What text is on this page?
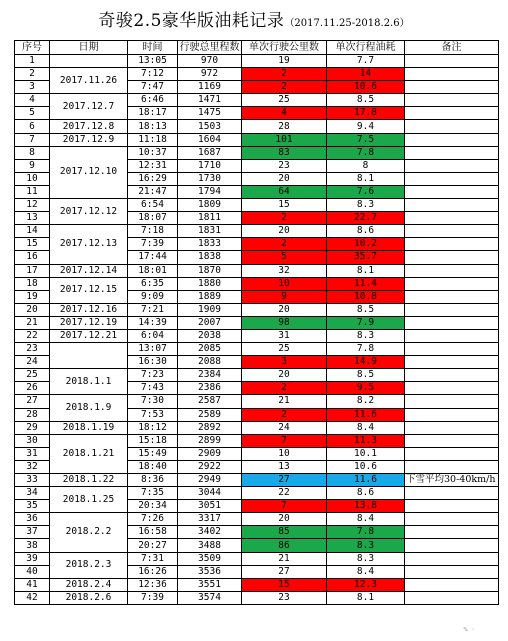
奇骏2.5豪华版油耗记录（2017.11.25-2018.2.6）
序号	日期	时间	行驶总里程数	单次行驶公里数	单次行程油耗	备注
1		13:05	970	19	7.7	
2	2017.11.26	7:12	972	2	14	
3		7:47	1169	2	10.6	
4	2017.12.7	6:46	1471	25	8.5	
5		18:17	1475	4	17.8	
6	2017.12.8	18:13	1503	28	9.4	
7	2017.12.9	11:18	1604	101	7.5	
8	2017.12.10	10:37	1687	83	7.8	
9		12:31	1710	23	8	
10		16:29	1730	20	8.1	
11		21:47	1794	64	7.6	
12	2017.12.12	6:54	1809	15	8.3	
13		18:07	1811	2	22.7	
14	2017.12.13	7:18	1831	20	8.6	
15		7:39	1833	2	10.2	
16		17:44	1838	5	35.7	
17	2017.12.14	18:01	1870	32	8.1	
18	2017.12.15	6:35	1880	10	11.4	
19		9:09	1889	9	10.8	
20	2017.12.16	7:21	1909	20	8.5	
21	2017.12.19	14:39	2007	98	7.9	
22	2017.12.21	6:04	2038	31	8.3	
23		13:07	2085	25	7.8	
24		16:30	2088	3	14.9	
25	2018.1.1	7:23	2384	20	8.5	
26		7:43	2386	2	9.5	
27	2018.1.9	7:30	2587	21	8.2	
28		7:53	2589	2	11.6	
29	2018.1.19	18:12	2892	24	8.4	
30	2018.1.21	15:18	2899	7	11.3	
31		15:49	2909	10	10.1	
32		18:40	2922	13	10.6	
33	2018.1.22	8:36	2949	27	11.6	下雪平均30-40km/h
34	2018.1.25	7:35	3044	22	8.6	
35		20:34	3051	7	13.8	
36	2018.2.2	7:26	3317	20	8.4	
37		16:58	3402	85	7.8	
38		20:27	3488	86	8.3	
39	2018.2.3	7:31	3509	21	8.3	
40		16:26	3536	27	8.4	
41	2018.2.4	12:36	3551	15	12.3	
42	2018.2.6	7:39	3574	23	8.1	
✎ ◦
